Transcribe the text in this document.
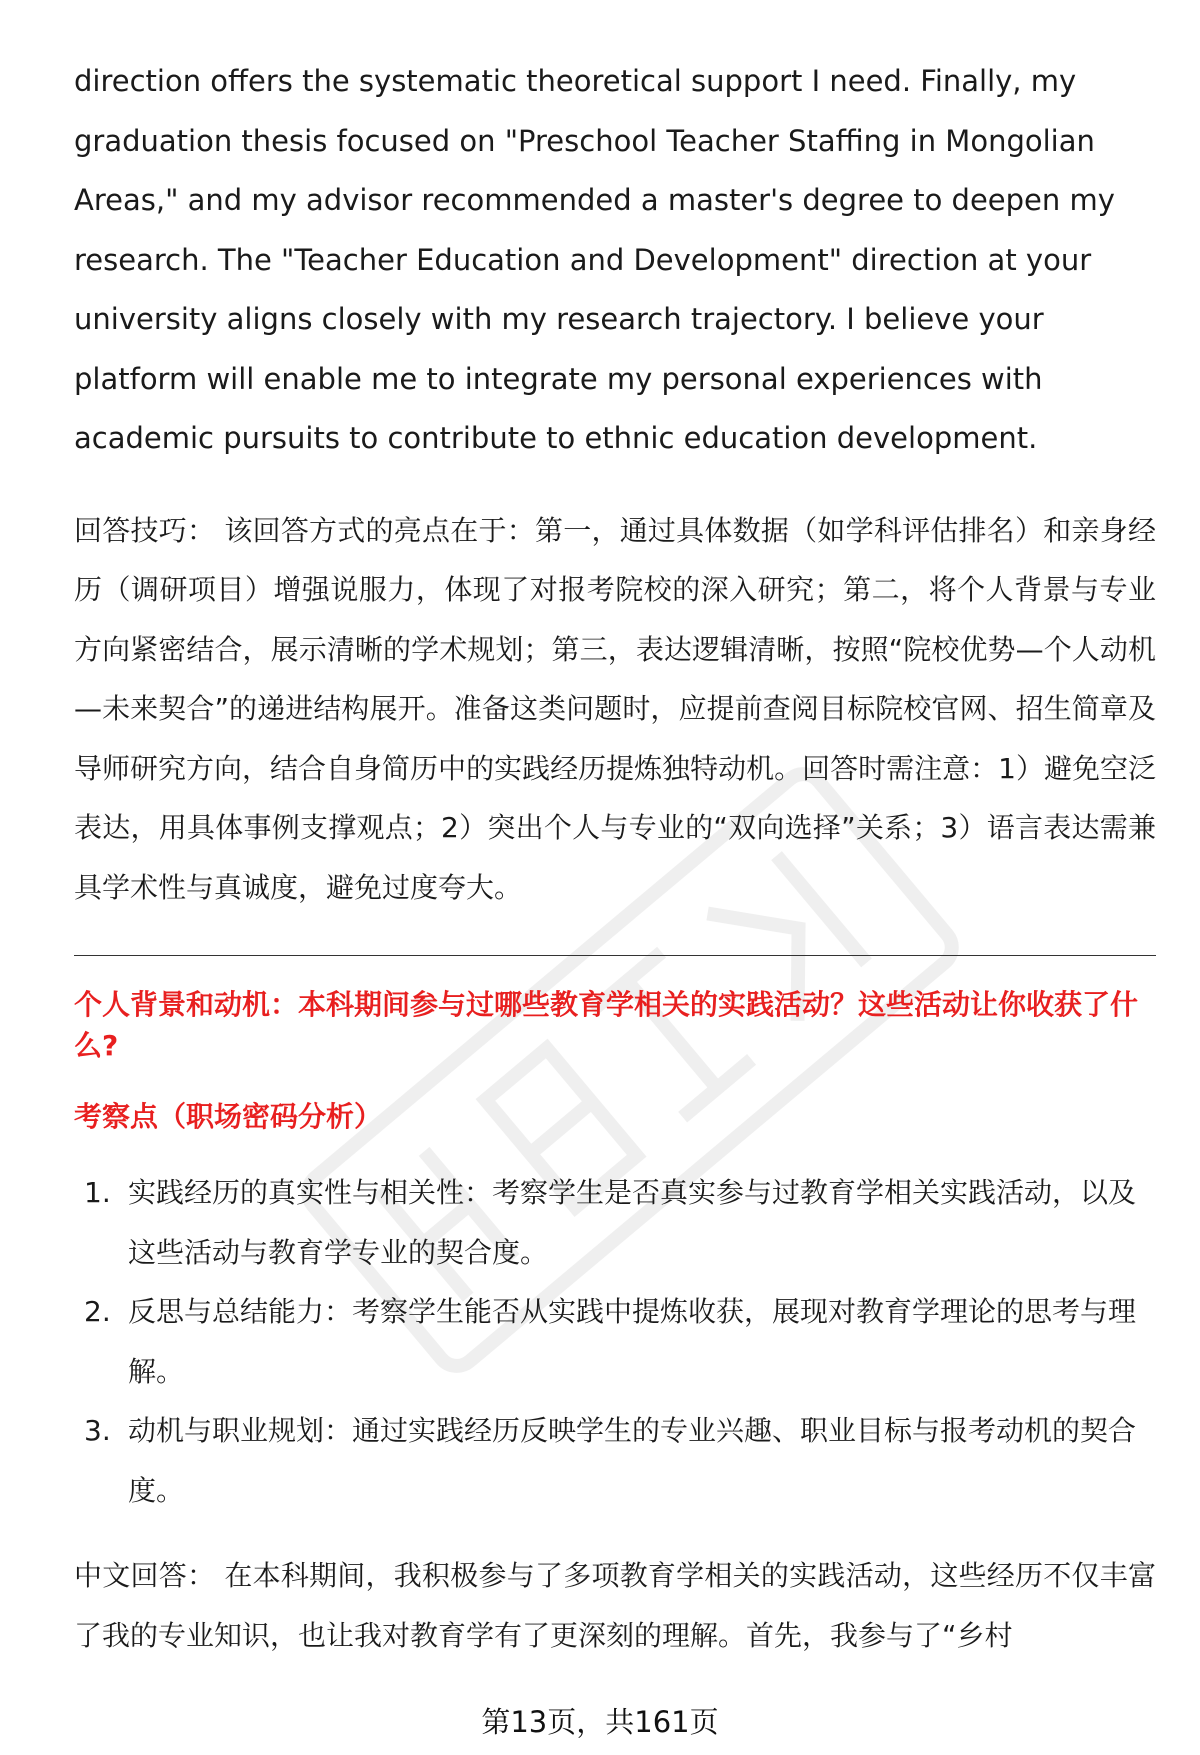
direction offers the systematic theoretical support I need. Finally, my graduation thesis focused on "Preschool Teacher Staffing in Mongolian Areas," and my advisor recommended a master's degree to deepen my research. The "Teacher Education and Development" direction at your university aligns closely with my research trajectory. I believe your platform will enable me to integrate my personal experiences with academic pursuits to contribute to ethnic education development.

回答技巧： 该回答方式的亮点在于：第一，通过具体数据（如学科评估排名）和亲身经历（调研项目）增强说服力，体现了对报考院校的深入研究；第二，将个人背景与专业方向紧密结合，展示清晰的学术规划；第三，表达逻辑清晰，按照“院校优势—个人动机—未来契合”的递进结构展开。准备这类问题时，应提前查阅目标院校官网、招生简章及导师研究方向，结合自身简历中的实践经历提炼独特动机。回答时需注意：1）避免空泛表达，用具体事例支撑观点；2）突出个人与专业的“双向选择”关系；3）语言表达需兼具学术性与真诚度，避免过度夸大。

个人背景和动机：本科期间参与过哪些教育学相关的实践活动？这些活动让你收获了什么?
考察点（职场密码分析）
1. 实践经历的真实性与相关性：考察学生是否真实参与过教育学相关实践活动，以及这些活动与教育学专业的契合度。
2. 反思与总结能力：考察学生能否从实践中提炼收获，展现对教育学理论的思考与理解。
3. 动机与职业规划：通过实践经历反映学生的专业兴趣、职业目标与报考动机的契合度。

中文回答： 在本科期间，我积极参与了多项教育学相关的实践活动，这些经历不仅丰富了我的专业知识，也让我对教育学有了更深刻的理解。首先，我参与了“乡村

第13页，共161页
